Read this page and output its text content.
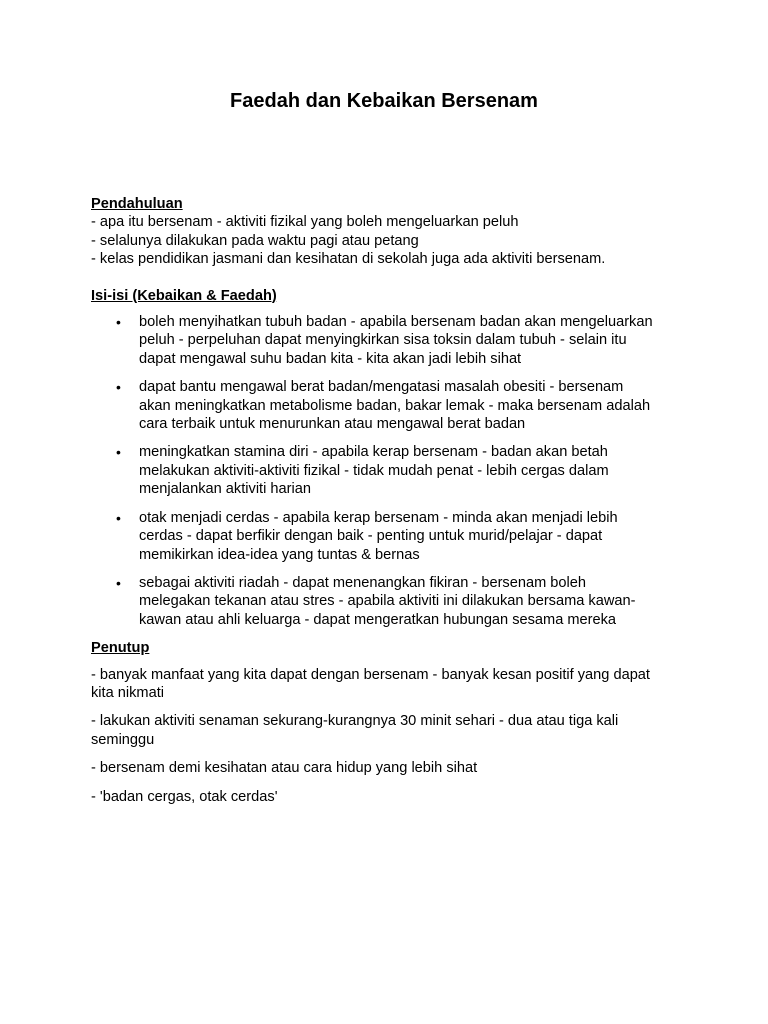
Faedah dan Kebaikan Bersenam

Pendahuluan

- apa itu bersenam - aktiviti fizikal yang boleh mengeluarkan peluh

- selalunya dilakukan pada waktu pagi atau petang

- kelas pendidikan jasmani dan kesihatan di sekolah juga ada aktiviti bersenam.

Isi-isi (Kebaikan & Faedah)

• boleh menyihatkan tubuh badan - apabila bersenam badan akan mengeluarkan peluh - perpeluhan dapat menyingkirkan sisa toksin dalam tubuh - selain itu dapat mengawal suhu badan kita - kita akan jadi lebih sihat
• dapat bantu mengawal berat badan/mengatasi masalah obesiti - bersenam akan meningkatkan metabolisme badan, bakar lemak - maka bersenam adalah cara terbaik untuk menurunkan atau mengawal berat badan
• meningkatkan stamina diri - apabila kerap bersenam - badan akan betah melakukan aktiviti-aktiviti fizikal - tidak mudah penat - lebih cergas dalam menjalankan aktiviti harian
• otak menjadi cerdas - apabila kerap bersenam - minda akan menjadi lebih cerdas - dapat berfikir dengan baik - penting untuk murid/pelajar - dapat memikirkan idea-idea yang tuntas & bernas
• sebagai aktiviti riadah - dapat menenangkan fikiran - bersenam boleh melegakan tekanan atau stres - apabila aktiviti ini dilakukan bersama kawan-kawan atau ahli keluarga - dapat mengeratkan hubungan sesama mereka

Penutup

- banyak manfaat yang kita dapat dengan bersenam - banyak kesan positif yang dapat kita nikmati

- lakukan aktiviti senaman sekurang-kurangnya 30 minit sehari - dua atau tiga kali seminggu

- bersenam demi kesihatan atau cara hidup yang lebih sihat

- 'badan cergas, otak cerdas'
